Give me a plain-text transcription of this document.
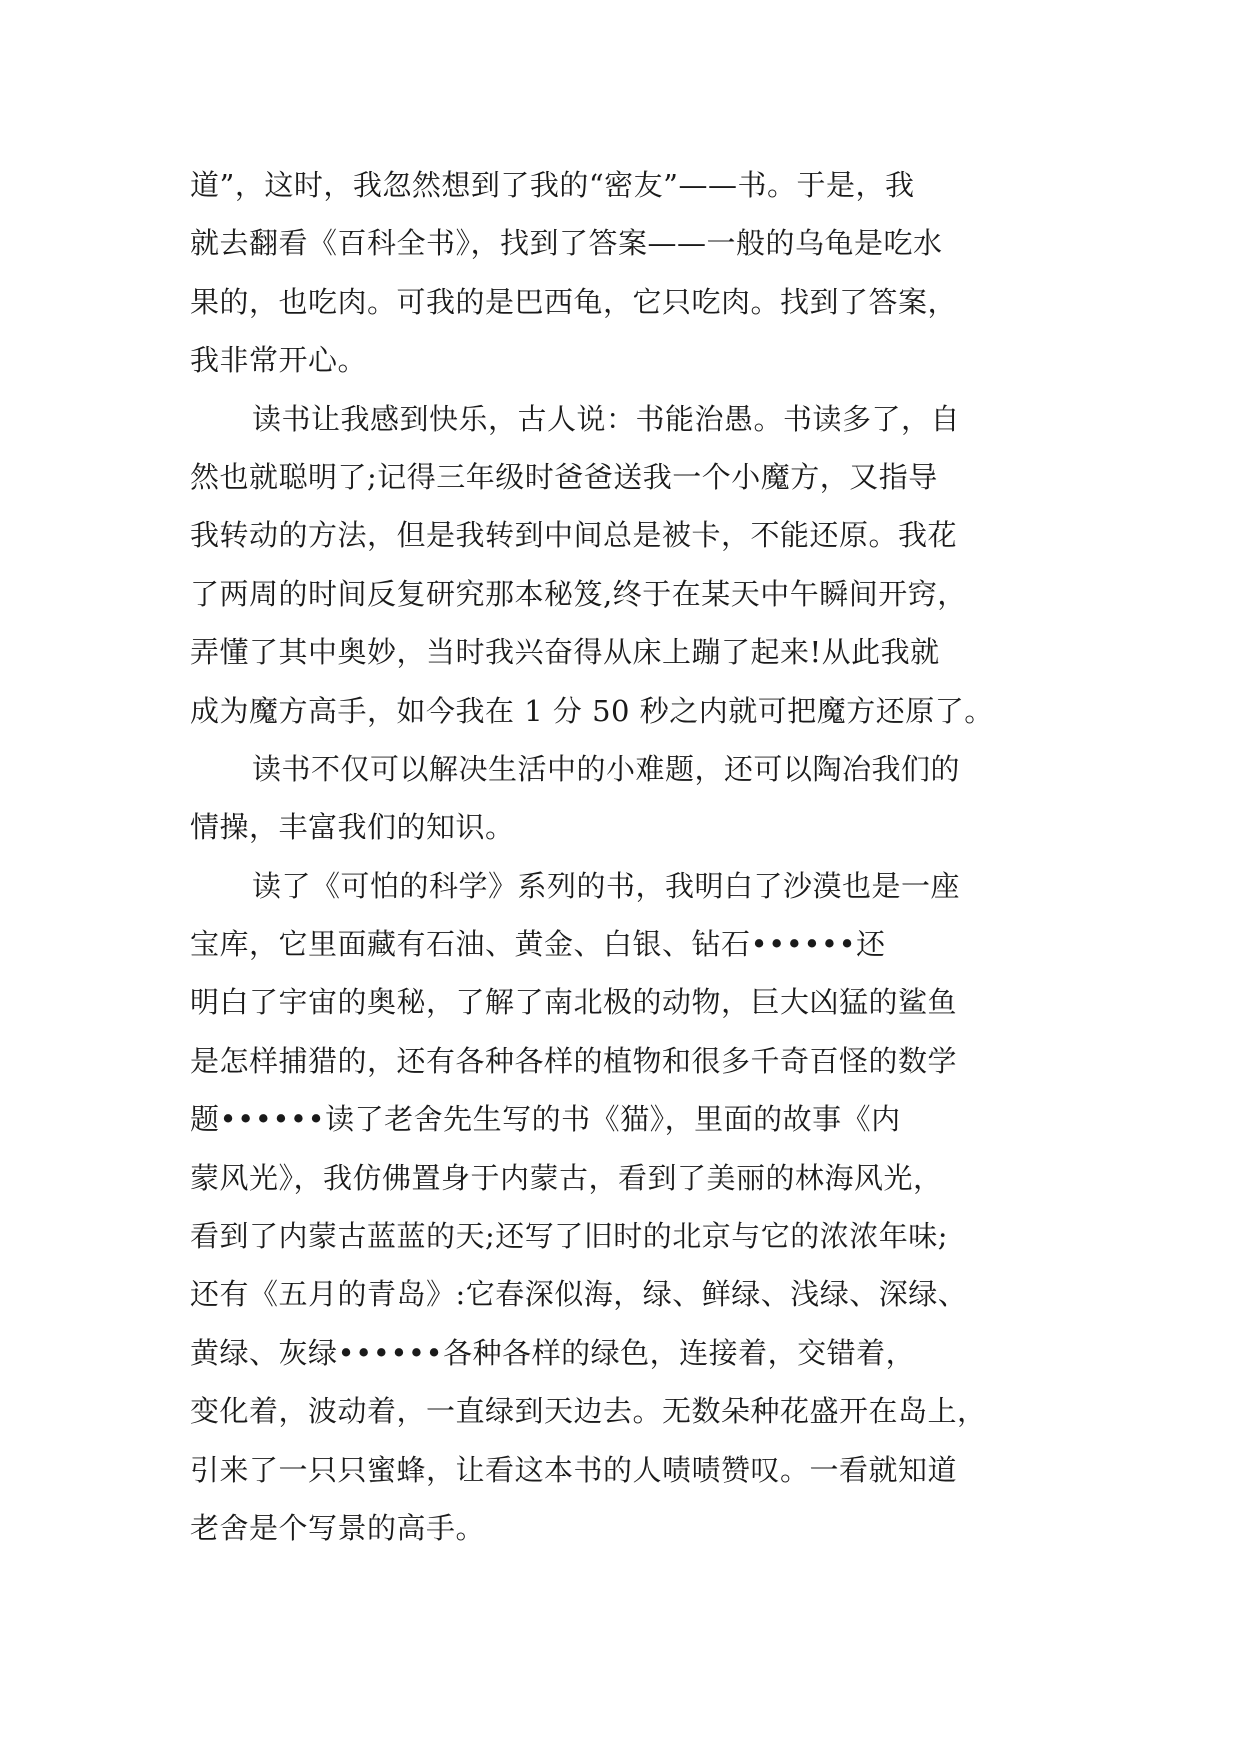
道”，这时，我忽然想到了我的“密友”——书。于是，我
就去翻看《百科全书》，找到了答案——一般的乌龟是吃水
果的，也吃肉。可我的是巴西龟，它只吃肉。找到了答案，
我非常开心。
读书让我感到快乐，古人说：书能治愚。书读多了，自
然也就聪明了;记得三年级时爸爸送我一个小魔方，又指导
我转动的方法，但是我转到中间总是被卡，不能还原。我花
了两周的时间反复研究那本秘笈,终于在某天中午瞬间开窍，
弄懂了其中奥妙，当时我兴奋得从床上蹦了起来!从此我就
成为魔方高手，如今我在 1 分 50 秒之内就可把魔方还原了。
读书不仅可以解决生活中的小难题，还可以陶冶我们的
情操，丰富我们的知识。
读了《可怕的科学》系列的书，我明白了沙漠也是一座
宝库，它里面藏有石油、黄金、白银、钻石••••••还
明白了宇宙的奥秘，了解了南北极的动物，巨大凶猛的鲨鱼
是怎样捕猎的，还有各种各样的植物和很多千奇百怪的数学
题••••••读了老舍先生写的书《猫》，里面的故事《内
蒙风光》，我仿佛置身于内蒙古，看到了美丽的林海风光，
看到了内蒙古蓝蓝的天;还写了旧时的北京与它的浓浓年味;
还有《五月的青岛》:它春深似海，绿、鲜绿、浅绿、深绿、
黄绿、灰绿••••••各种各样的绿色，连接着，交错着，
变化着，波动着，一直绿到天边去。无数朵种花盛开在岛上，
引来了一只只蜜蜂，让看这本书的人啧啧赞叹。一看就知道
老舍是个写景的高手。
